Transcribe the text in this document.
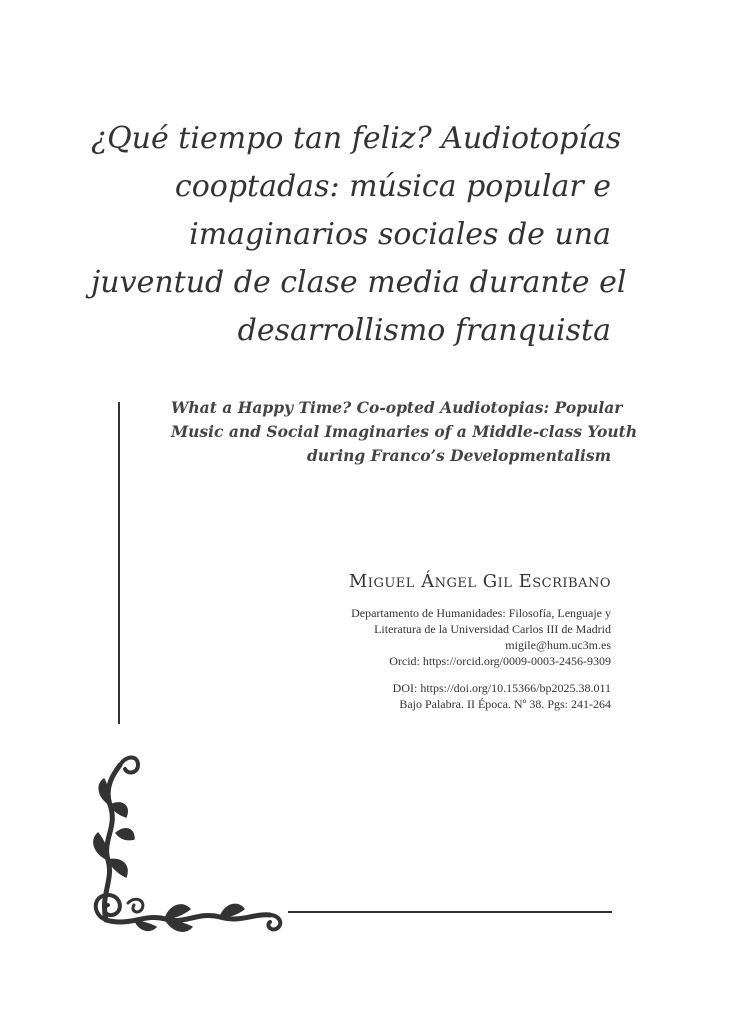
¿Qué tiempo tan feliz? Audiotopías
cooptadas: música popular e
imaginarios sociales de una
juventud de clase media durante el
desarrollismo franquista
What a Happy Time? Co-opted Audiotopias: Popular
Music and Social Imaginaries of a Middle-class Youth
during Franco’s Developmentalism
Miguel Ángel Gil Escribano
Departamento de Humanidades: Filosofía, Lenguaje y
Literatura de la Universidad Carlos III de Madrid
migile@hum.uc3m.es
Orcid: https://orcid.org/0009-0003-2456-9309
DOI: https://doi.org/10.15366/bp2025.38.011
Bajo Palabra. II Época. Nº 38. Pgs: 241-264
